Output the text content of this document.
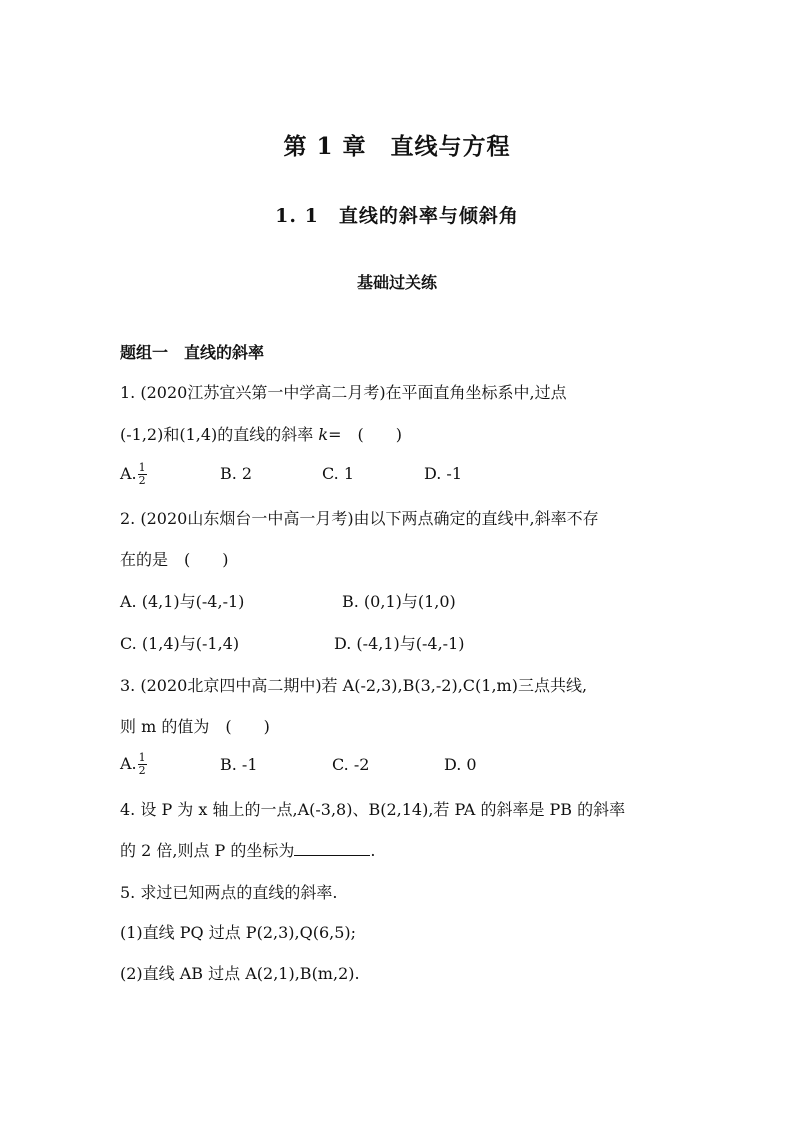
第 1 章　直线与方程
1. 1　直线的斜率与倾斜角
基础过关练
题组一　直线的斜率
1. (2020江苏宜兴第一中学高二月考)在平面直角坐标系中,过点
(-1,2)和(1,4)的直线的斜率 k=　(　　)
A. $\frac{1}{2}$	B. 2	C. 1	D. -1
2. (2020山东烟台一中高一月考)由以下两点确定的直线中,斜率不存
在的是　(　　)
A. (4,1)与(-4,-1)	B. (0,1)与(1,0)
C. (1,4)与(-1,4)	D. (-4,1)与(-4,-1)
3. (2020北京四中高二期中)若 A(-2,3),B(3,-2),C(1,m)三点共线,
则 m 的值为　(　　)
A. $\frac{1}{2}$	B. -1	C. -2	D. 0
4. 设 P 为 x 轴上的一点,A(-3,8)、B(2,14),若 PA 的斜率是 PB 的斜率
的 2 倍,则点 P 的坐标为	.
5. 求过已知两点的直线的斜率.
(1)直线 PQ 过点 P(2,3),Q(6,5);
(2)直线 AB 过点 A(2,1),B(m,2).
